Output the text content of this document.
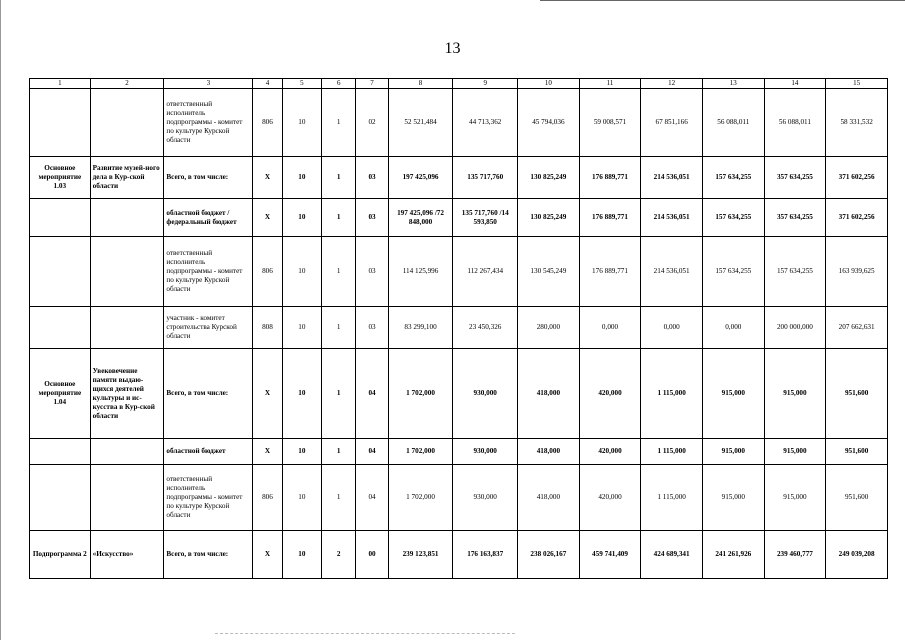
13
1	2	3	4	5	6	7	8	9	10	11	12	13	14	15
		ответственный исполнитель подпрограммы - комитет по культуре Курской области	806	10	1	02	52 521,484	44 713,362	45 794,036	59 008,571	67 851,166	56 088,011	56 088,011	58 331,532
Основное мероприятие 1.03	Развитие музей-ного дела в Кур-ской области	Всего, в том числе:	Х	10	1	03	197 425,096	135 717,760	130 825,249	176 889,771	214 536,051	157 634,255	357 634,255	371 602,256
		областной бюджет /федеральный бюджет	Х	10	1	03	197 425,096 /72 848,000	135 717,760 /14 593,850	130 825,249	176 889,771	214 536,051	157 634,255	357 634,255	371 602,256
		ответственный исполнитель подпрограммы - комитет по культуре Курской области	806	10	1	03	114 125,996	112 267,434	130 545,249	176 889,771	214 536,051	157 634,255	157 634,255	163 939,625
		участник - комитет строительства Курской области	808	10	1	03	83 299,100	23 450,326	280,000	0,000	0,000	0,000	200 000,000	207 662,631
Основное мероприятие 1.04	Увековечение памяти выдаю-щихся деятелей культуры и ис-кусства в Кур-ской области	Всего, в том числе:	Х	10	1	04	1 702,000	930,000	418,000	420,000	1 115,000	915,000	915,000	951,600
		областной бюджет	Х	10	1	04	1 702,000	930,000	418,000	420,000	1 115,000	915,000	915,000	951,600
		ответственный исполнитель подпрограммы - комитет по культуре Курской области	806	10	1	04	1 702,000	930,000	418,000	420,000	1 115,000	915,000	915,000	951,600
Подпрограмма 2	«Искусство»	Всего, в том числе:	Х	10	2	00	239 123,851	176 163,837	238 026,167	459 741,409	424 689,341	241 261,926	239 460,777	249 039,208
